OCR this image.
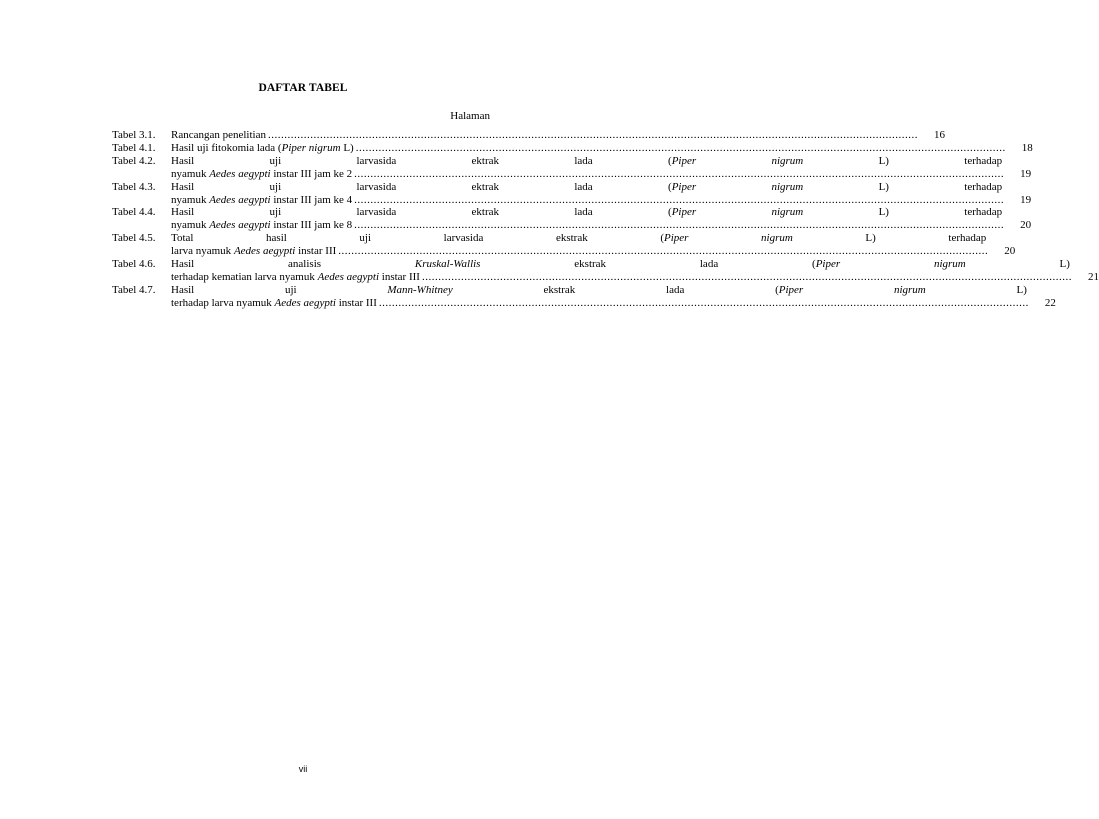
DAFTAR TABEL
Halaman
Tabel 3.1.	Rancangan penelitian ........................................................................................................................................................................................................	16
Tabel 4.1.	Hasil uji fitokomia lada (Piper nigrum L) ........................................................................................................................................................................................................	18
Tabel 4.2.	Hasil uji larvasida ektrak lada (Piper nigrum L) terhadap
nyamuk Aedes aegypti instar III jam ke 2 ........................................................................................................................................................................................................	19
Tabel 4.3.	Hasil uji larvasida ektrak lada (Piper nigrum L) terhadap
nyamuk Aedes aegypti instar III jam ke 4 ........................................................................................................................................................................................................	19
Tabel 4.4.	Hasil uji larvasida ektrak lada (Piper nigrum L) terhadap
nyamuk Aedes aegypti instar III jam ke 8 ........................................................................................................................................................................................................	20
Tabel 4.5.	Total hasil uji larvasida ekstrak (Piper nigrum L) terhadap
larva nyamuk Aedes aegypti instar III ........................................................................................................................................................................................................	20
Tabel 4.6.	Hasil analisis Kruskal-Wallis ekstrak lada (Piper nigrum L)
terhadap kematian larva nyamuk Aedes aegypti instar III ........................................................................................................................................................................................................	21
Tabel 4.7.	Hasil uji Mann-Whitney ekstrak lada (Piper nigrum L)
terhadap larva nyamuk Aedes aegypti instar III ........................................................................................................................................................................................................	22
vii
